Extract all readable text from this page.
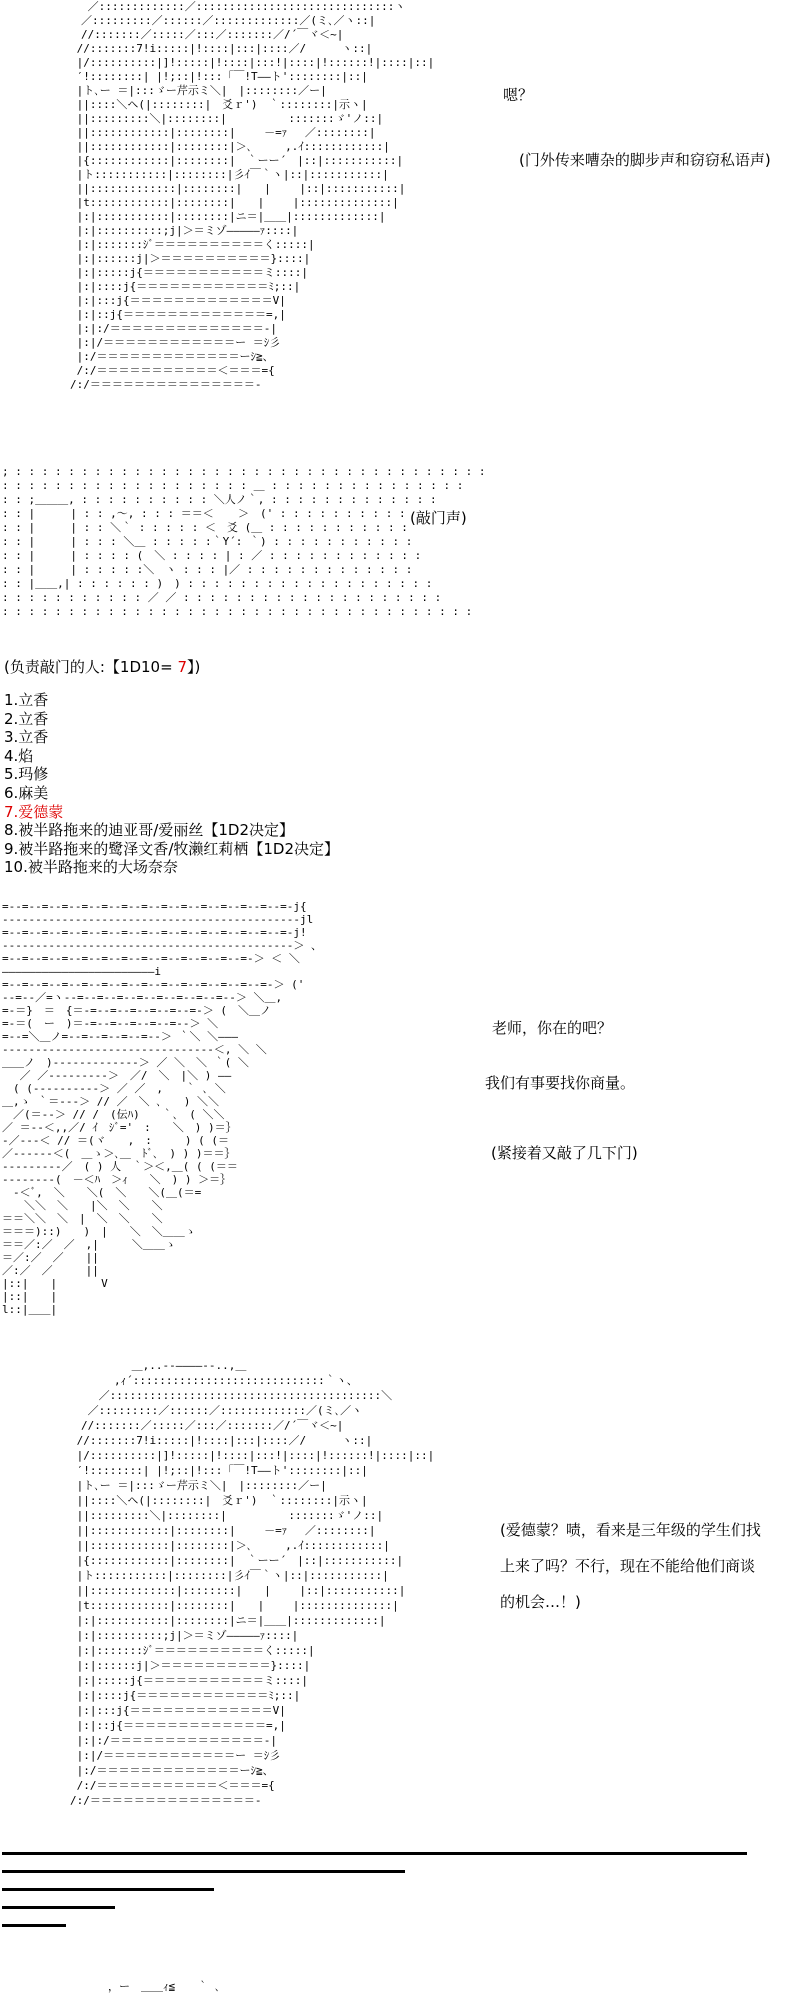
　 ／:::::::::::::／::::::::::::::::::::::::::::::ヽ
　／:::::::::／::::::／:::::::::::::／(ミ､／ヽ::|
　//:::::::／:::::／:::／:::::::／/´￣ヾ＜~|
//:::::::7!i:::::|!::::|:::|::::／/　 　 ヽ::|
|/::::::::::|]!:::::|!::::|:::!|::::|!::::::!|::::|::|
′!::::::::| |!;::|!:::「￣!T――ト'::::::::|::|
|ト､ー ＝|:::ゞー芹示ミ＼|　|::::::::／ー|
||::::＼ヘ(|::::::::|　爻ｒ')　｀::::::::|示ヽ|
||:::::::::＼|::::::::|　　　　　 :::::::ゞ'ノ::|
||::::::::::::|::::::::|　　 －=ｧ　 ／::::::::|
||::::::::::::|::::::::|＞､　　　,.ｲ::::::::::::|
|{::::::::::::|::::::::|　｀ーー´　|::|:::::::::::|
|ト:::::::::::|::::::::|彡ｲ￣｀ヽ|::|:::::::::::|
||:::::::::::::|::::::::|　　|　 　|::|:::::::::::|
|t::::::::::::|::::::::|　　|　 　|::::::::::::::|
|:|:::::::::::|::::::::|ニ＝|＿＿|:::::::::::::|
|:|::::::::::;j|＞＝ミゾ―――――ｧ::::|
|:|:::::::ｼﾞ＝＝＝＝＝＝＝＝＝＝く:::::|
|:|::::::j|＞＝＝＝＝＝＝＝＝＝＝}::::|
|:|:::::j{＝＝＝＝＝＝＝＝＝＝＝ミ::::|
|:|::::j{＝＝＝＝＝＝＝＝＝＝＝＝ﾐ;::|
|:|:::j{＝＝＝＝＝＝＝＝＝＝＝＝＝V|
|:|::j{＝＝＝＝＝＝＝＝＝＝＝＝＝=,|
|:|:/＝＝＝＝＝＝＝＝＝＝＝＝＝＝-|
|:|/＝＝＝＝＝＝＝＝＝＝＝＝ー ＝ｼ彡
|:/＝＝＝＝＝＝＝＝＝＝＝＝＝ーｼ≧、
/:/＝＝＝＝＝＝＝＝＝＝＝＜＝＝＝={
/:/＝＝＝＝＝＝＝＝＝＝＝＝＝＝＝‐
嗯？
(门外传来嘈杂的脚步声和窃窃私语声)
; : : : : : : : : : : : : : : : : : : : : : : : : : : : : : : : : : : : :
: : : : : : : : : : : : : : : : : : : ＿ : : : : : : : : : : : : : : :
: : ;＿＿＿, : : : : : : : : : : ＼人ノ｀, : : : : : : : : : : : : :
: : |　 　 | : : ,～, : : : ＝＝＜ 　 ＞　(' : : : : : : : : : :
: : |　 　 | : : ＼｀ : : : : : ＜　爻 (＿ : : : : : : : : : : :
: : |　 　 | : : : ＼＿ : : : : :｀Y´: ｀) : : : : : : : : : : :
: : |　 　 | : : : : (　＼ : : : : | : ／ : : : : : : : : : : : :
: : |　 　 | : : : : :＼　ヽ : : : |／ : : : : : : : : : : : : :
: : |＿＿,| : : : : : : )　) : : : : : : : : : : : : : : : : : : :
: : : : : : : : : : : ／ ／ : : : : : : : : : : : : : : : : : : : :
: : : : : : : : : : : : : : : : : : : : : : : : : : : : : : : : : : : :
(敲门声)
(负责敲门的人:【1D10= 7】)
1.立香
2.立香
3.立香
4.焰
5.玛修
6.麻美
7.爱德蒙
8.被半路拖来的迪亚哥/爱丽丝【1D2决定】
9.被半路拖来的鹭泽文香/牧濑红莉栖【1D2决定】
10.被半路拖来的大场奈奈
=--=--=--=--=--=--=--=--=--=--=--=--=--=--=-j{
---------------------------------------------jl
=--=--=--=--=--=--=--=--=--=--=--=--=--=--=-j!
--------------------------------------------＞ 、
=--=--=--=--=--=--=--=--=--=--=--=--=-＞ ＜ ＼
―――――――――――――――――――――――i
=--=--=--=--=--=--=--=--=--=--=--=--=--=-＞ ('
--=--／=ヽ--=--=--=--=--=--=--=--=--＞ ＼＿,
=-＝}　＝　{＝-=--=--=--=--=--=-＞ (　＼＿ノ
=-＝(　ー　)＝-=--=--=--=--=--＞ ＼
=--=＼＿ノ=--=--=--=--=--＞ ｀＼ ＼―――
--------------------------------＜, ＼ ＼
＿＿ノ　)-------------＞ ／ ＼　＼ ｀( ＼
　 ／ ／---------＞　／/　＼　|＼ ) ――
　( (----------＞ ／ ／　,　　｀ ､ ＼
＿,ゝ ｀＝---＞ // ／　＼ ､　　) ＼＼
　／(＝--＞ // /　(伝ﾊ)　　｀､　( ＼＼
／ ＝--＜,,／/ ｲ　ｼﾞ='　:　　＼　) )＝｝
-／---＜ // ＝(ヾ　　,　:　　　) ( (＝
／------＜(　＿ゝ＞､＿　ﾄﾞ､　) ) )＝＝｝
---------／　( ) 人　｀＞＜,＿( ( (＝＝
--------(　－＜ﾊ　＞ｨ　　＼　) ) ＞＝｝
　-＜ﾞ,　＼　　＼(　＼　　＼(＿(＝=
　　＼＼　＼　　|＼　＼　　＼
＝＝＼＼　＼　|　＼　＼　　＼
＝＝＝)::)　　)　|　　＼　＼＿＿ゝ
＝＝／:／　／　,|　　　＼＿＿ゝ
＝／:／　／　　||
／:／　／　　　||
|::|　　|　　　　V
|::|　　|
l::|＿＿|
老师，你在的吧？
我们有事要找你商量。
(紧接着又敲了几下门)
　　　　　 ＿,..-‐――――‐-..,＿
　　　　,ｨ´:::::::::::::::::::::::::::::｀ヽ、
　　 ／:::::::::::::::::::::::::::::::::::::::::＼
　 ／:::::::::／::::::／:::::::::::::／(ミ､／ヽ
　//:::::::／:::::／:::／:::::::／/´￣ヾ＜~|
//:::::::7!i:::::|!::::|:::|::::／/　 　 ヽ::|
|/::::::::::|]!:::::|!::::|:::!|::::|!::::::!|::::|::|
′!::::::::| |!;::|!:::「￣!T――ト'::::::::|::|
|ト､ー ＝|:::ゞー芹示ミ＼|　|::::::::／ー|
||::::＼ヘ(|::::::::|　爻ｒ')　｀::::::::|示ヽ|
||:::::::::＼|::::::::|　　　　　 :::::::ゞ'ノ::|
||::::::::::::|::::::::|　　 －=ｧ　 ／::::::::|
||::::::::::::|::::::::|＞､　　　,.ｲ::::::::::::|
|{::::::::::::|::::::::|　｀ーー´　|::|:::::::::::|
|ト:::::::::::|::::::::|彡ｲ￣｀ヽ|::|:::::::::::|
||:::::::::::::|::::::::|　　|　 　|::|:::::::::::|
|t::::::::::::|::::::::|　　|　 　|::::::::::::::|
|:|:::::::::::|::::::::|ニ＝|＿＿|:::::::::::::|
|:|::::::::::;j|＞＝ミゾ―――――ｧ::::|
|:|:::::::ｼﾞ＝＝＝＝＝＝＝＝＝＝く:::::|
|:|::::::j|＞＝＝＝＝＝＝＝＝＝＝}::::|
|:|:::::j{＝＝＝＝＝＝＝＝＝＝＝ミ::::|
|:|::::j{＝＝＝＝＝＝＝＝＝＝＝＝ﾐ;::|
|:|:::j{＝＝＝＝＝＝＝＝＝＝＝＝＝V|
|:|::j{＝＝＝＝＝＝＝＝＝＝＝＝＝=,|
|:|:/＝＝＝＝＝＝＝＝＝＝＝＝＝＝-|
|:|/＝＝＝＝＝＝＝＝＝＝＝＝ー ＝ｼ彡
|:/＝＝＝＝＝＝＝＝＝＝＝＝＝ーｼ≧、
/:/＝＝＝＝＝＝＝＝＝＝＝＜＝＝＝={
/:/＝＝＝＝＝＝＝＝＝＝＝＝＝＝＝‐
(爱德蒙？啧，看来是三年级的学生们找
上来了吗？不行，现在不能给他们商谈
的机会…！)
，ー　＿＿ｨ≦　　｀ ､
